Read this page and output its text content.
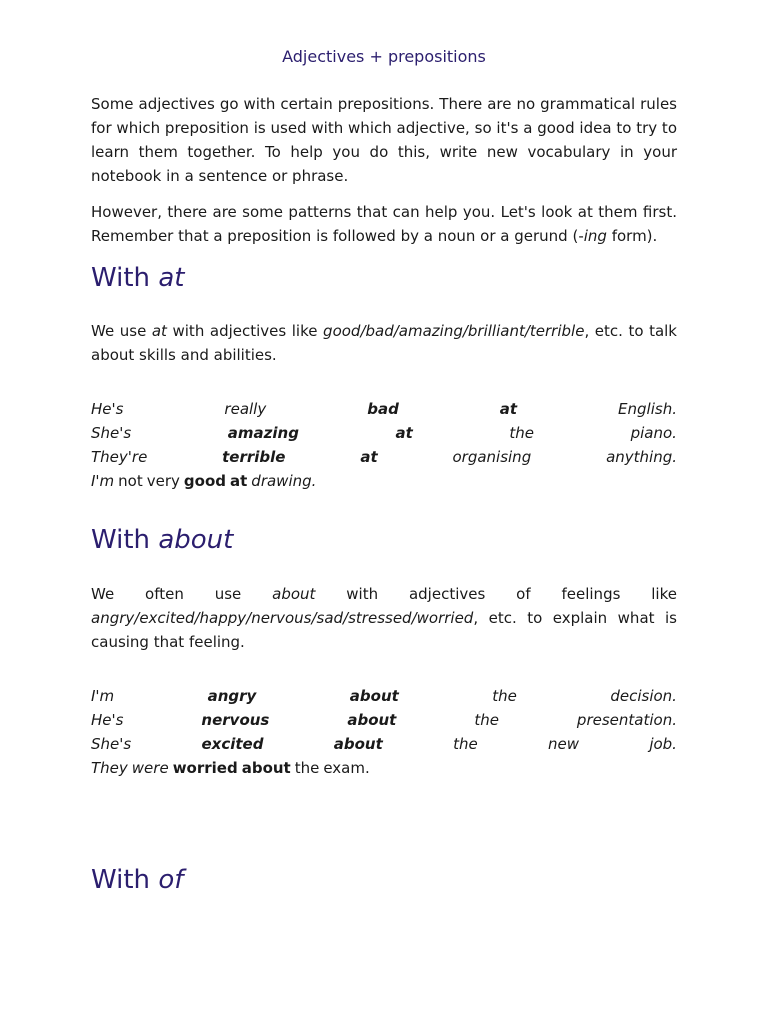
Adjectives + prepositions

Some adjectives go with certain prepositions. There are no grammatical rules for which preposition is used with which adjective, so it's a good idea to try to learn them together. To help you do this, write new vocabulary in your notebook in a sentence or phrase.

However, there are some patterns that can help you. Let's look at them first. Remember that a preposition is followed by a noun or a gerund (-ing form).

With at

We use at with adjectives like good/bad/amazing/brilliant/terrible, etc. to talk about skills and abilities.

He's	really	bad	at	English.
She's	amazing	at	the	piano.
They're	terrible	at	organising	anything.
I'm not very good at drawing.
With about

We often use about with adjectives of feelings like angry/excited/happy/nervous/sad/stressed/worried, etc. to explain what is causing that feeling.

I'm	angry	about	the	decision.
He's	nervous	about	the	presentation.
She's	excited	about	the	new	job.
They were worried about the exam.
With of
